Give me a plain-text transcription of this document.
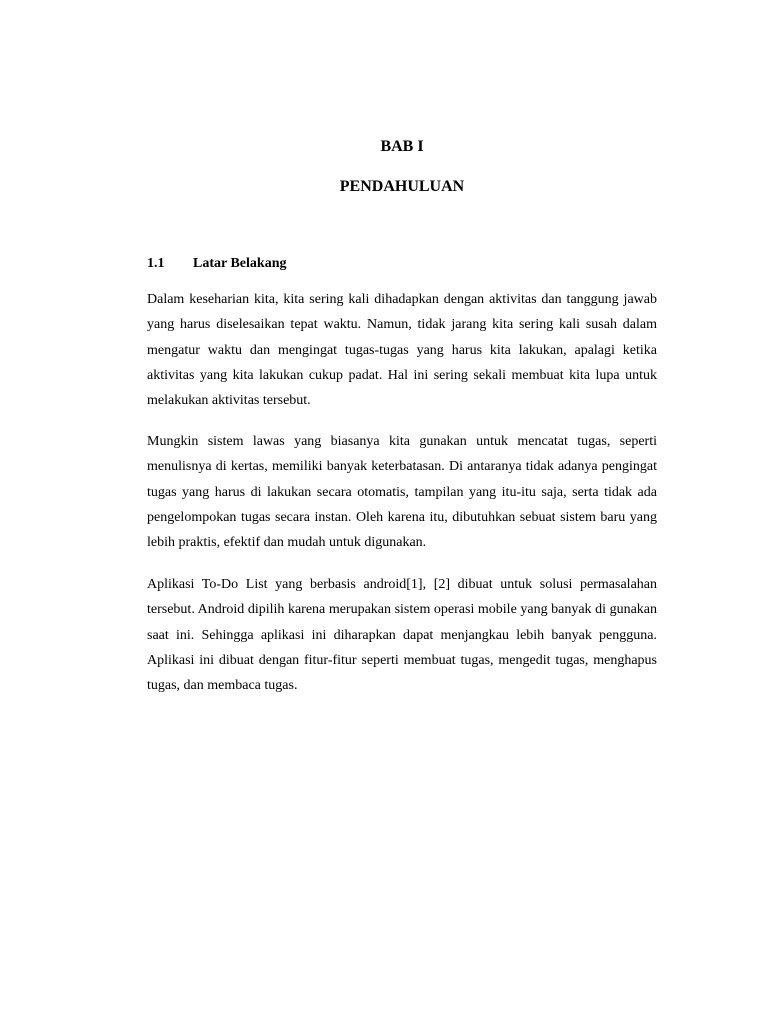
BAB I
PENDAHULUAN
1.1 Latar Belakang

Dalam keseharian kita, kita sering kali dihadapkan dengan aktivitas dan tanggung jawab yang harus diselesaikan tepat waktu. Namun, tidak jarang kita sering kali susah dalam mengatur waktu dan mengingat tugas-tugas yang harus kita lakukan, apalagi ketika aktivitas yang kita lakukan cukup padat. Hal ini sering sekali membuat kita lupa untuk melakukan aktivitas tersebut.

Mungkin sistem lawas yang biasanya kita gunakan untuk mencatat tugas, seperti menulisnya di kertas, memiliki banyak keterbatasan. Di antaranya tidak adanya pengingat tugas yang harus di lakukan secara otomatis, tampilan yang itu-itu saja, serta tidak ada pengelompokan tugas secara instan. Oleh karena itu, dibutuhkan sebuat sistem baru yang lebih praktis, efektif dan mudah untuk digunakan.

Aplikasi To-Do List yang berbasis android[1], [2] dibuat untuk solusi permasalahan tersebut. Android dipilih karena merupakan sistem operasi mobile yang banyak di gunakan saat ini. Sehingga aplikasi ini diharapkan dapat menjangkau lebih banyak pengguna. Aplikasi ini dibuat dengan fitur-fitur seperti membuat tugas, mengedit tugas, menghapus tugas, dan membaca tugas.
